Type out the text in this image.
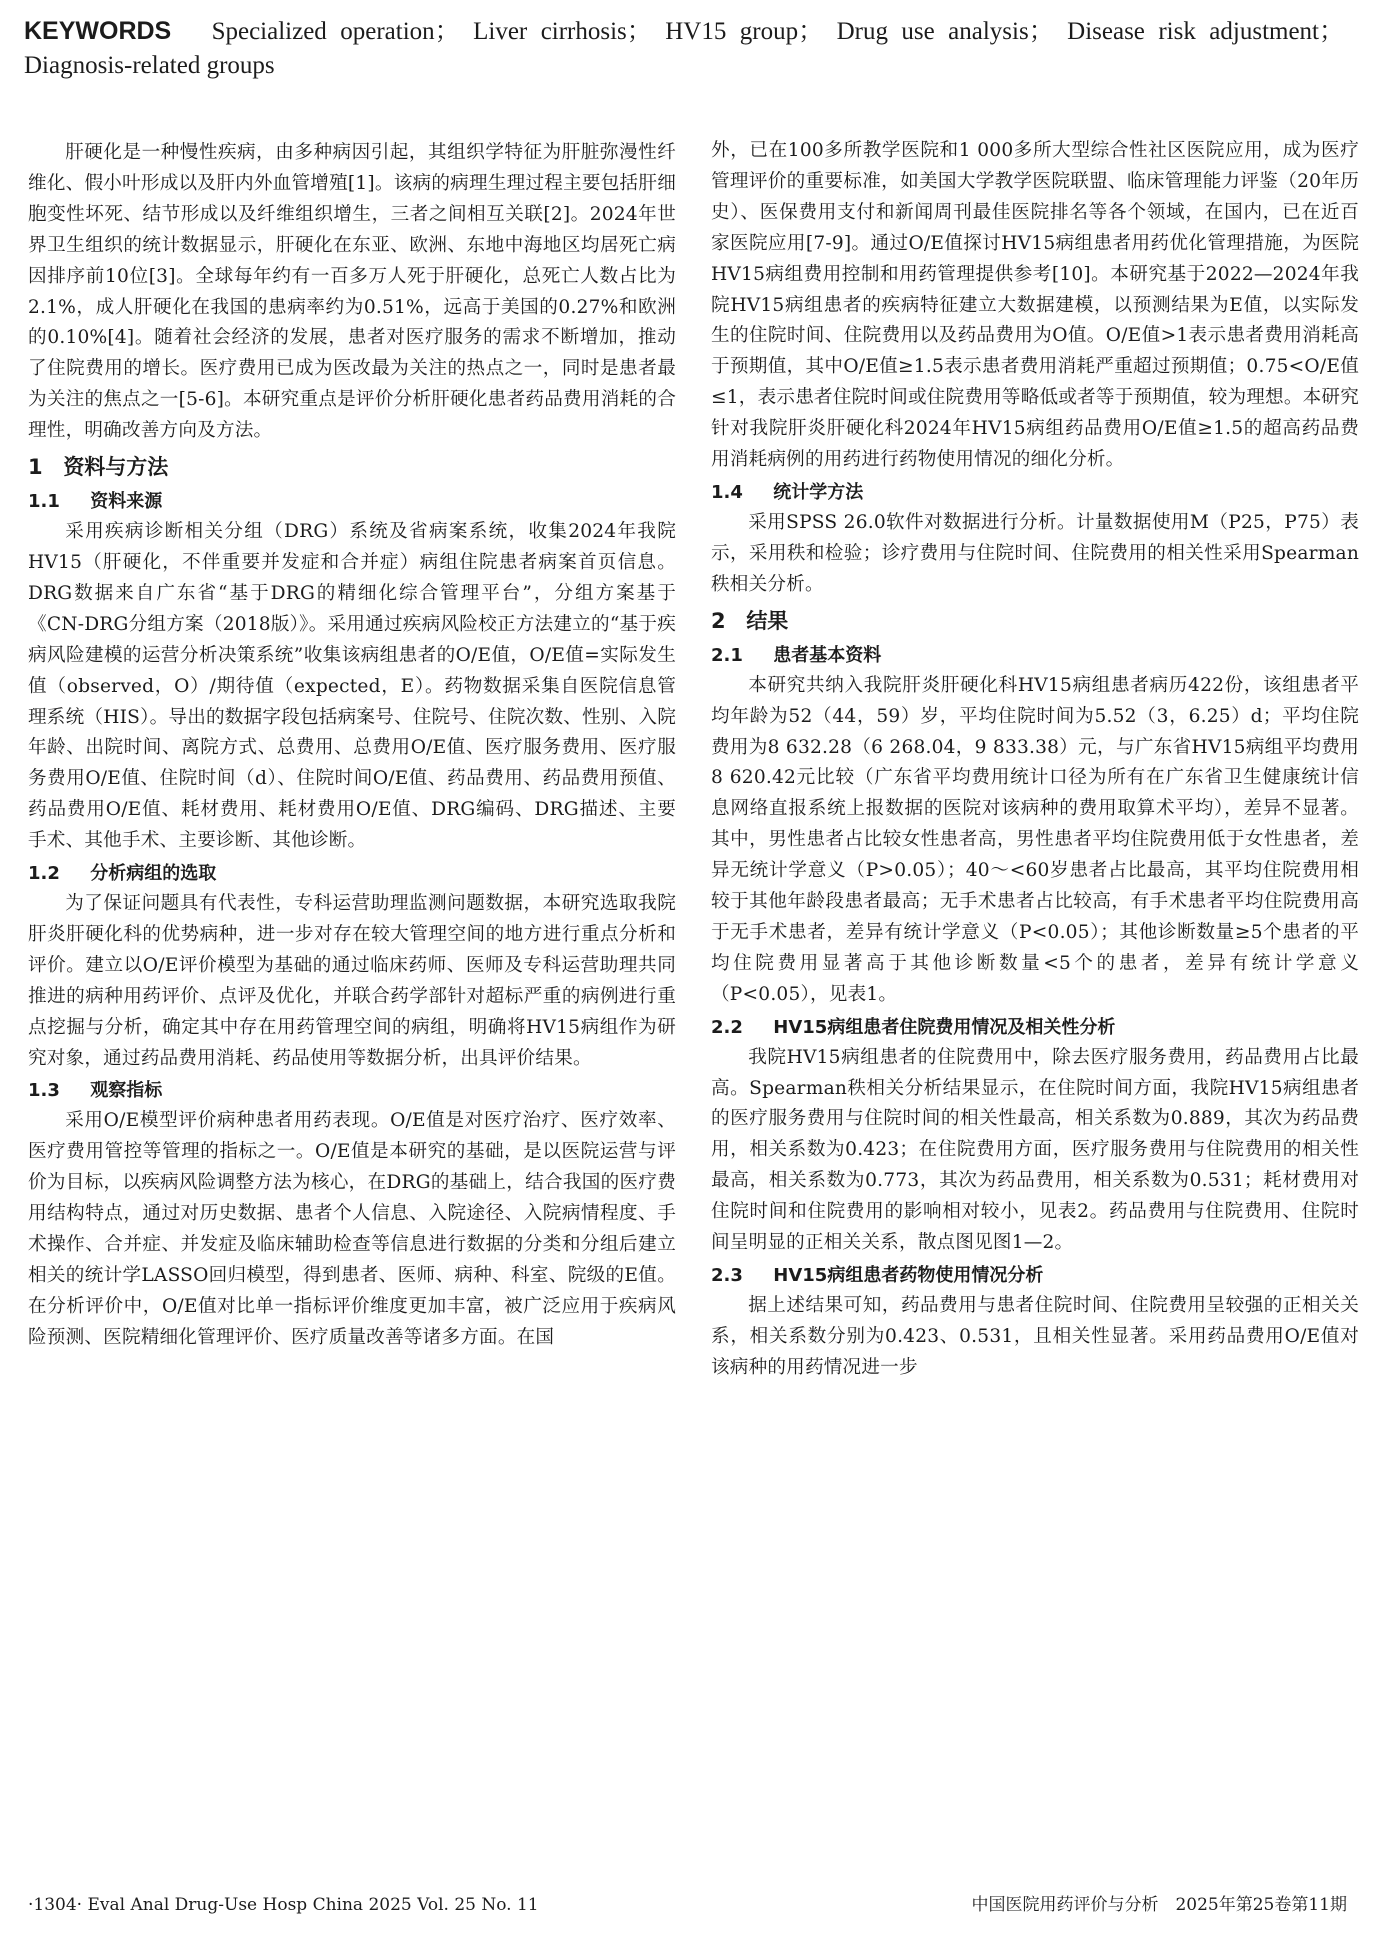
KEYWORDS Specialized operation； Liver cirrhosis； HV15 group； Drug use analysis； Disease risk adjustment； Diagnosis-related groups

肝硬化是一种慢性疾病，由多种病因引起，其组织学特征为肝脏弥漫性纤维化、假小叶形成以及肝内外血管增殖[1]。该病的病理生理过程主要包括肝细胞变性坏死、结节形成以及纤维组织增生，三者之间相互关联[2]。2024年世界卫生组织的统计数据显示，肝硬化在东亚、欧洲、东地中海地区均居死亡病因排序前10位[3]。全球每年约有一百多万人死于肝硬化，总死亡人数占比为2.1%，成人肝硬化在我国的患病率约为0.51%，远高于美国的0.27%和欧洲的0.10%[4]。随着社会经济的发展，患者对医疗服务的需求不断增加，推动了住院费用的增长。医疗费用已成为医改最为关注的热点之一，同时是患者最为关注的焦点之一[5-6]。本研究重点是评价分析肝硬化患者药品费用消耗的合理性，明确改善方向及方法。

1 资料与方法
1.1 资料来源

采用疾病诊断相关分组（DRG）系统及省病案系统，收集2024年我院HV15（肝硬化，不伴重要并发症和合并症）病组住院患者病案首页信息。DRG数据来自广东省“基于DRG的精细化综合管理平台”，分组方案基于《CN-DRG分组方案（2018版）》。采用通过疾病风险校正方法建立的“基于疾病风险建模的运营分析决策系统”收集该病组患者的O/E值，O/E值=实际发生值（observed，O）/期待值（expected，E）。药物数据采集自医院信息管理系统（HIS）。导出的数据字段包括病案号、住院号、住院次数、性别、入院年龄、出院时间、离院方式、总费用、总费用O/E值、医疗服务费用、医疗服务费用O/E值、住院时间（d）、住院时间O/E值、药品费用、药品费用预值、药品费用O/E值、耗材费用、耗材费用O/E值、DRG编码、DRG描述、主要手术、其他手术、主要诊断、其他诊断。

1.2 分析病组的选取

为了保证问题具有代表性，专科运营助理监测问题数据，本研究选取我院肝炎肝硬化科的优势病种，进一步对存在较大管理空间的地方进行重点分析和评价。建立以O/E评价模型为基础的通过临床药师、医师及专科运营助理共同推进的病种用药评价、点评及优化，并联合药学部针对超标严重的病例进行重点挖掘与分析，确定其中存在用药管理空间的病组，明确将HV15病组作为研究对象，通过药品费用消耗、药品使用等数据分析，出具评价结果。

1.3 观察指标

采用O/E模型评价病种患者用药表现。O/E值是对医疗治疗、医疗效率、医疗费用管控等管理的指标之一。O/E值是本研究的基础，是以医院运营与评价为目标，以疾病风险调整方法为核心，在DRG的基础上，结合我国的医疗费用结构特点，通过对历史数据、患者个人信息、入院途径、入院病情程度、手术操作、合并症、并发症及临床辅助检查等信息进行数据的分类和分组后建立相关的统计学LASSO回归模型，得到患者、医师、病种、科室、院级的E值。在分析评价中，O/E值对比单一指标评价维度更加丰富，被广泛应用于疾病风险预测、医院精细化管理评价、医疗质量改善等诸多方面。在国

外，已在100多所教学医院和1 000多所大型综合性社区医院应用，成为医疗管理评价的重要标准，如美国大学教学医院联盟、临床管理能力评鉴（20年历史）、医保费用支付和新闻周刊最佳医院排名等各个领域，在国内，已在近百家医院应用[7-9]。通过O/E值探讨HV15病组患者用药优化管理措施，为医院HV15病组费用控制和用药管理提供参考[10]。本研究基于2022—2024年我院HV15病组患者的疾病特征建立大数据建模，以预测结果为E值，以实际发生的住院时间、住院费用以及药品费用为O值。O/E值>1表示患者费用消耗高于预期值，其中O/E值≥1.5表示患者费用消耗严重超过预期值；0.75<O/E值≤1，表示患者住院时间或住院费用等略低或者等于预期值，较为理想。本研究针对我院肝炎肝硬化科2024年HV15病组药品费用O/E值≥1.5的超高药品费用消耗病例的用药进行药物使用情况的细化分析。

1.4 统计学方法

采用SPSS 26.0软件对数据进行分析。计量数据使用M（P25，P75）表示，采用秩和检验；诊疗费用与住院时间、住院费用的相关性采用Spearman秩相关分析。

2 结果
2.1 患者基本资料

本研究共纳入我院肝炎肝硬化科HV15病组患者病历422份，该组患者平均年龄为52（44，59）岁，平均住院时间为5.52（3，6.25）d；平均住院费用为8 632.28（6 268.04，9 833.38）元，与广东省HV15病组平均费用8 620.42元比较（广东省平均费用统计口径为所有在广东省卫生健康统计信息网络直报系统上报数据的医院对该病种的费用取算术平均），差异不显著。其中，男性患者占比较女性患者高，男性患者平均住院费用低于女性患者，差异无统计学意义（P>0.05）；40～<60岁患者占比最高，其平均住院费用相较于其他年龄段患者最高；无手术患者占比较高，有手术患者平均住院费用高于无手术患者，差异有统计学意义（P<0.05）；其他诊断数量≥5个患者的平均住院费用显著高于其他诊断数量<5个的患者，差异有统计学意义（P<0.05），见表1。

2.2 HV15病组患者住院费用情况及相关性分析

我院HV15病组患者的住院费用中，除去医疗服务费用，药品费用占比最高。Spearman秩相关分析结果显示，在住院时间方面，我院HV15病组患者的医疗服务费用与住院时间的相关性最高，相关系数为0.889，其次为药品费用，相关系数为0.423；在住院费用方面，医疗服务费用与住院费用的相关性最高，相关系数为0.773，其次为药品费用，相关系数为0.531；耗材费用对住院时间和住院费用的影响相对较小，见表2。药品费用与住院费用、住院时间呈明显的正相关关系，散点图见图1—2。

2.3 HV15病组患者药物使用情况分析

据上述结果可知，药品费用与患者住院时间、住院费用呈较强的正相关关系，相关系数分别为0.423、0.531，且相关性显著。采用药品费用O/E值对该病种的用药情况进一步

·1304· Eval Anal Drug-Use Hosp China 2025 Vol. 25 No. 11	中国医院用药评价与分析　2025年第25卷第11期
